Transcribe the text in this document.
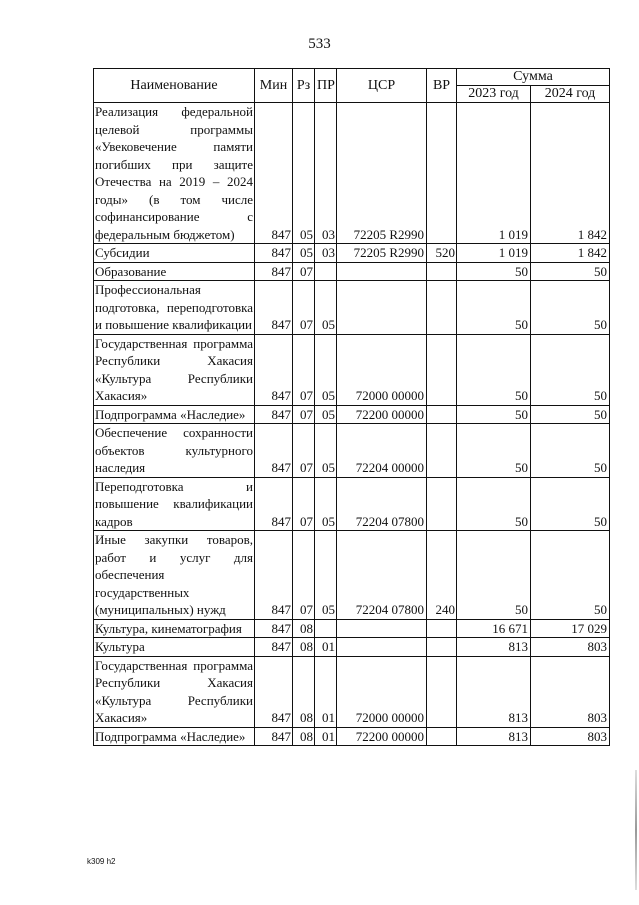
533
Наименование	Мин	Рз	ПР	ЦСР	ВР	Сумма	
						2023 год	2024 год
Реализация федеральной целевой программы «Увековечение памяти погибших при защите Отечества на 2019 – 2024 годы» (в том числе софинансирование с федеральным бюджетом)	847	05	03	72205 R2990		1 019	1 842
Субсидии	847	05	03	72205 R2990	520	1 019	1 842
Образование	847	07				50	50
Профессиональная подготовка, переподготовка и повышение квалификации	847	07	05			50	50
Государственная программа Республики Хакасия «Культура Республики Хакасия»	847	07	05	72000 00000		50	50
Подпрограмма «Наследие»	847	07	05	72200 00000		50	50
Обеспечение сохранности объектов культурного наследия	847	07	05	72204 00000		50	50
Переподготовка и повышение квалификации кадров	847	07	05	72204 07800		50	50
Иные закупки товаров, работ и услуг для обеспечения государственных (муниципальных) нужд	847	07	05	72204 07800	240	50	50
Культура, кинематография	847	08				16 671	17 029
Культура	847	08	01			813	803
Государственная программа Республики Хакасия «Культура Республики Хакасия»	847	08	01	72000 00000		813	803
Подпрограмма «Наследие»	847	08	01	72200 00000		813	803
k309 h2
